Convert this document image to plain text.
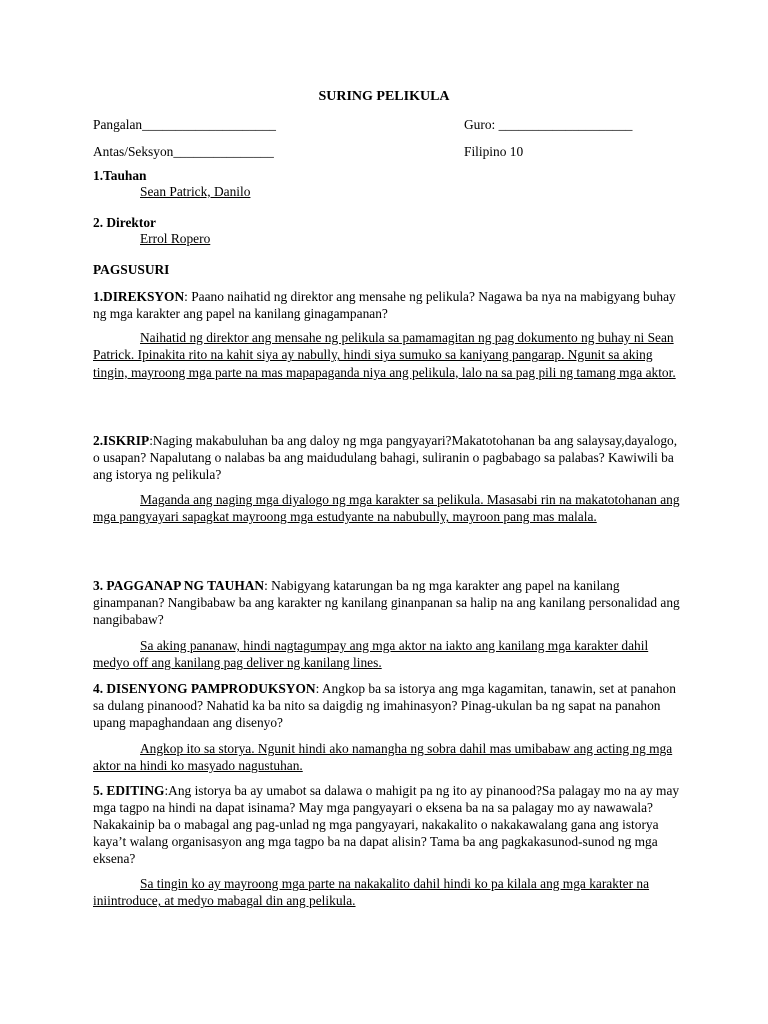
SURING PELIKULA
Pangalan____________________	Guro: ____________________
Antas/Seksyon_______________	Filipino 10
1.Tauhan
Sean Patrick, Danilo
2. Direktor
Errol Ropero
PAGSUSURI

1.DIREKSYON: Paano naihatid ng direktor ang mensahe ng pelikula? Nagawa ba nya na mabigyang buhay ng mga karakter ang papel na kanilang ginagampanan?

Naihatid ng direktor ang mensahe ng pelikula sa pamamagitan ng pag dokumento ng buhay ni Sean Patrick. Ipinakita rito na kahit siya ay nabully, hindi siya sumuko sa kaniyang pangarap. Ngunit sa aking tingin, mayroong mga parte na mas mapapaganda niya ang pelikula, lalo na sa pag pili ng tamang mga aktor.

2.ISKRIP:Naging makabuluhan ba ang daloy ng mga pangyayari?Makatotohanan ba ang salaysay,dayalogo, o usapan? Napalutang o nalabas ba ang maidudulang bahagi, suliranin o pagbabago sa palabas? Kawiwili ba ang istorya ng pelikula?

Maganda ang naging mga diyalogo ng mga karakter sa pelikula. Masasabi rin na makatotohanan ang mga pangyayari sapagkat mayroong mga estudyante na nabubully, mayroon pang mas malala.

3. PAGGANAP NG TAUHAN: Nabigyang katarungan ba ng mga karakter ang papel na kanilang ginampanan? Nangibabaw ba ang karakter ng kanilang ginanpanan sa halip na ang kanilang personalidad ang nangibabaw?

Sa aking pananaw, hindi nagtagumpay ang mga aktor na iakto ang kanilang mga karakter dahil medyo off ang kanilang pag deliver ng kanilang lines.

4. DISENYONG PAMPRODUKSYON: Angkop ba sa istorya ang mga kagamitan, tanawin, set at panahon sa dulang pinanood? Nahatid ka ba nito sa daigdig ng imahinasyon? Pinag-ukulan ba ng sapat na panahon upang mapaghandaan ang disenyo?

Angkop ito sa storya. Ngunit hindi ako namangha ng sobra dahil mas umibabaw ang acting ng mga aktor na hindi ko masyado nagustuhan.

5. EDITING:Ang istorya ba ay umabot sa dalawa o mahigit pa ng ito ay pinanood?Sa palagay mo na ay may mga tagpo na hindi na dapat isinama? May mga pangyayari o eksena ba na sa palagay mo ay nawawala? Nakakainip ba o mabagal ang pag-unlad ng mga pangyayari, nakakalito o nakakawalang gana ang istorya kaya’t walang organisasyon ang mga tagpo ba na dapat alisin? Tama ba ang pagkakasunod-sunod ng mga eksena?

Sa tingin ko ay mayroong mga parte na nakakalito dahil hindi ko pa kilala ang mga karakter na iniintroduce, at medyo mabagal din ang pelikula.
